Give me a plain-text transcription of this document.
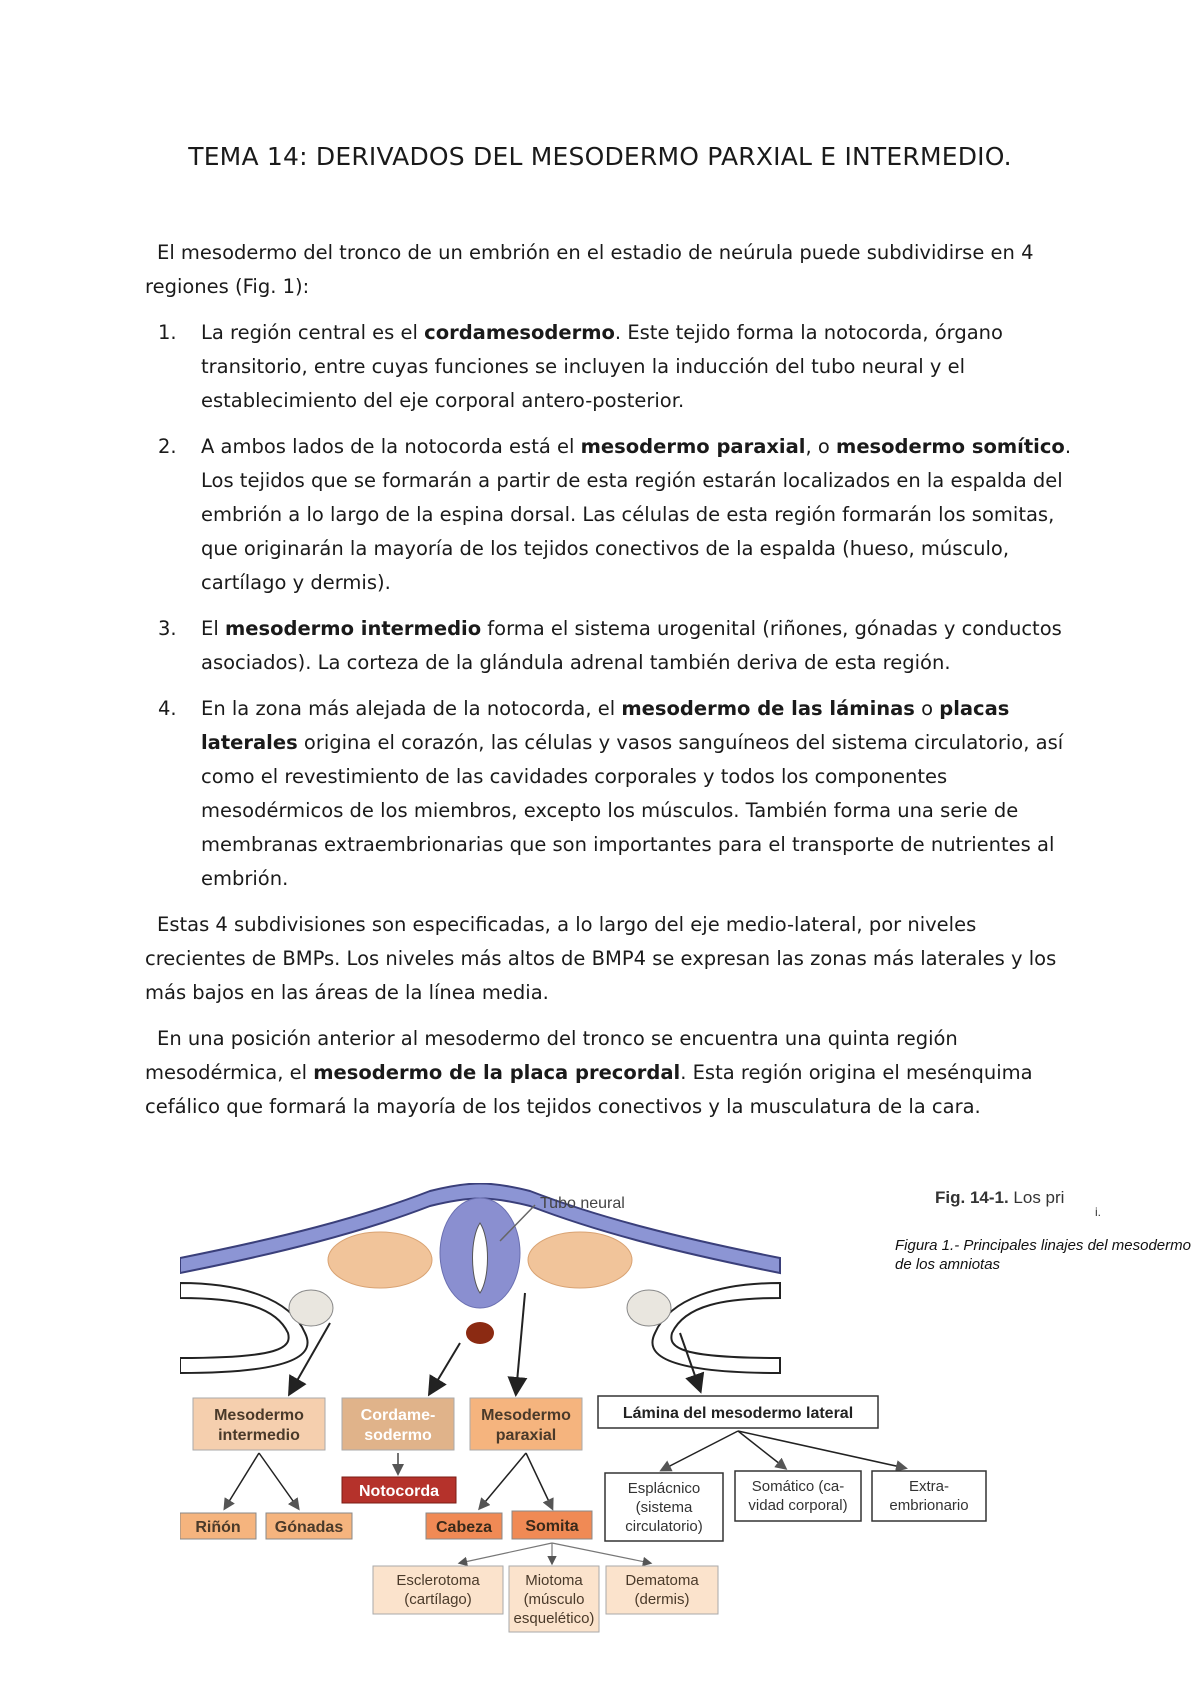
TEMA 14: DERIVADOS DEL MESODERMO PARXIAL E INTERMEDIO.

El mesodermo del tronco de un embrión en el estadio de neúrula puede subdividirse en 4 regiones (Fig. 1):

1. La región central es el cordamesodermo. Este tejido forma la notocorda, órgano transitorio, entre cuyas funciones se incluyen la inducción del tubo neural y el establecimiento del eje corporal antero-posterior.
2. A ambos lados de la notocorda está el mesodermo paraxial, o mesodermo somítico. Los tejidos que se formarán a partir de esta región estarán localizados en la espalda del embrión a lo largo de la espina dorsal. Las células de esta región formarán los somitas, que originarán la mayoría de los tejidos conectivos de la espalda (hueso, músculo, cartílago y dermis).
3. El mesodermo intermedio forma el sistema urogenital (riñones, gónadas y conductos asociados). La corteza de la glándula adrenal también deriva de esta región.
4. En la zona más alejada de la notocorda, el mesodermo de las láminas o placas laterales origina el corazón, las células y vasos sanguíneos del sistema circulatorio, así como el revestimiento de las cavidades corporales y todos los componentes mesodérmicos de los miembros, excepto los músculos. También forma una serie de membranas extraembrionarias que son importantes para el transporte de nutrientes al embrión.

Estas 4 subdivisiones son especificadas, a lo largo del eje medio-lateral, por niveles crecientes de BMPs. Los niveles más altos de BMP4 se expresan las zonas más laterales y los más bajos en las áreas de la línea media.

En una posición anterior al mesodermo del tronco se encuentra una quinta región mesodérmica, el mesodermo de la placa precordal. Esta región origina el mesénquima cefálico que formará la mayoría de los tejidos conectivos y la musculatura de la cara.

Fig. 14-1. Los pri
i.
Figura 1.- Principales linajes del mesodermo de los amniotas
Tubo neural
Mesodermo
intermedio
Cordame-
sodermo
Mesodermo
paraxial
Lámina del mesodermo lateral
Notocorda	Esplácnico
(sistema
circulatorio)
Somático (ca-
vidad corporal)
Extra-
embrionario
Riñón Gónadas	Cabeza Somita
Esclerotoma
(cartílago)
Miotoma
(músculo
esquelético)
Dematoma
(dermis)
